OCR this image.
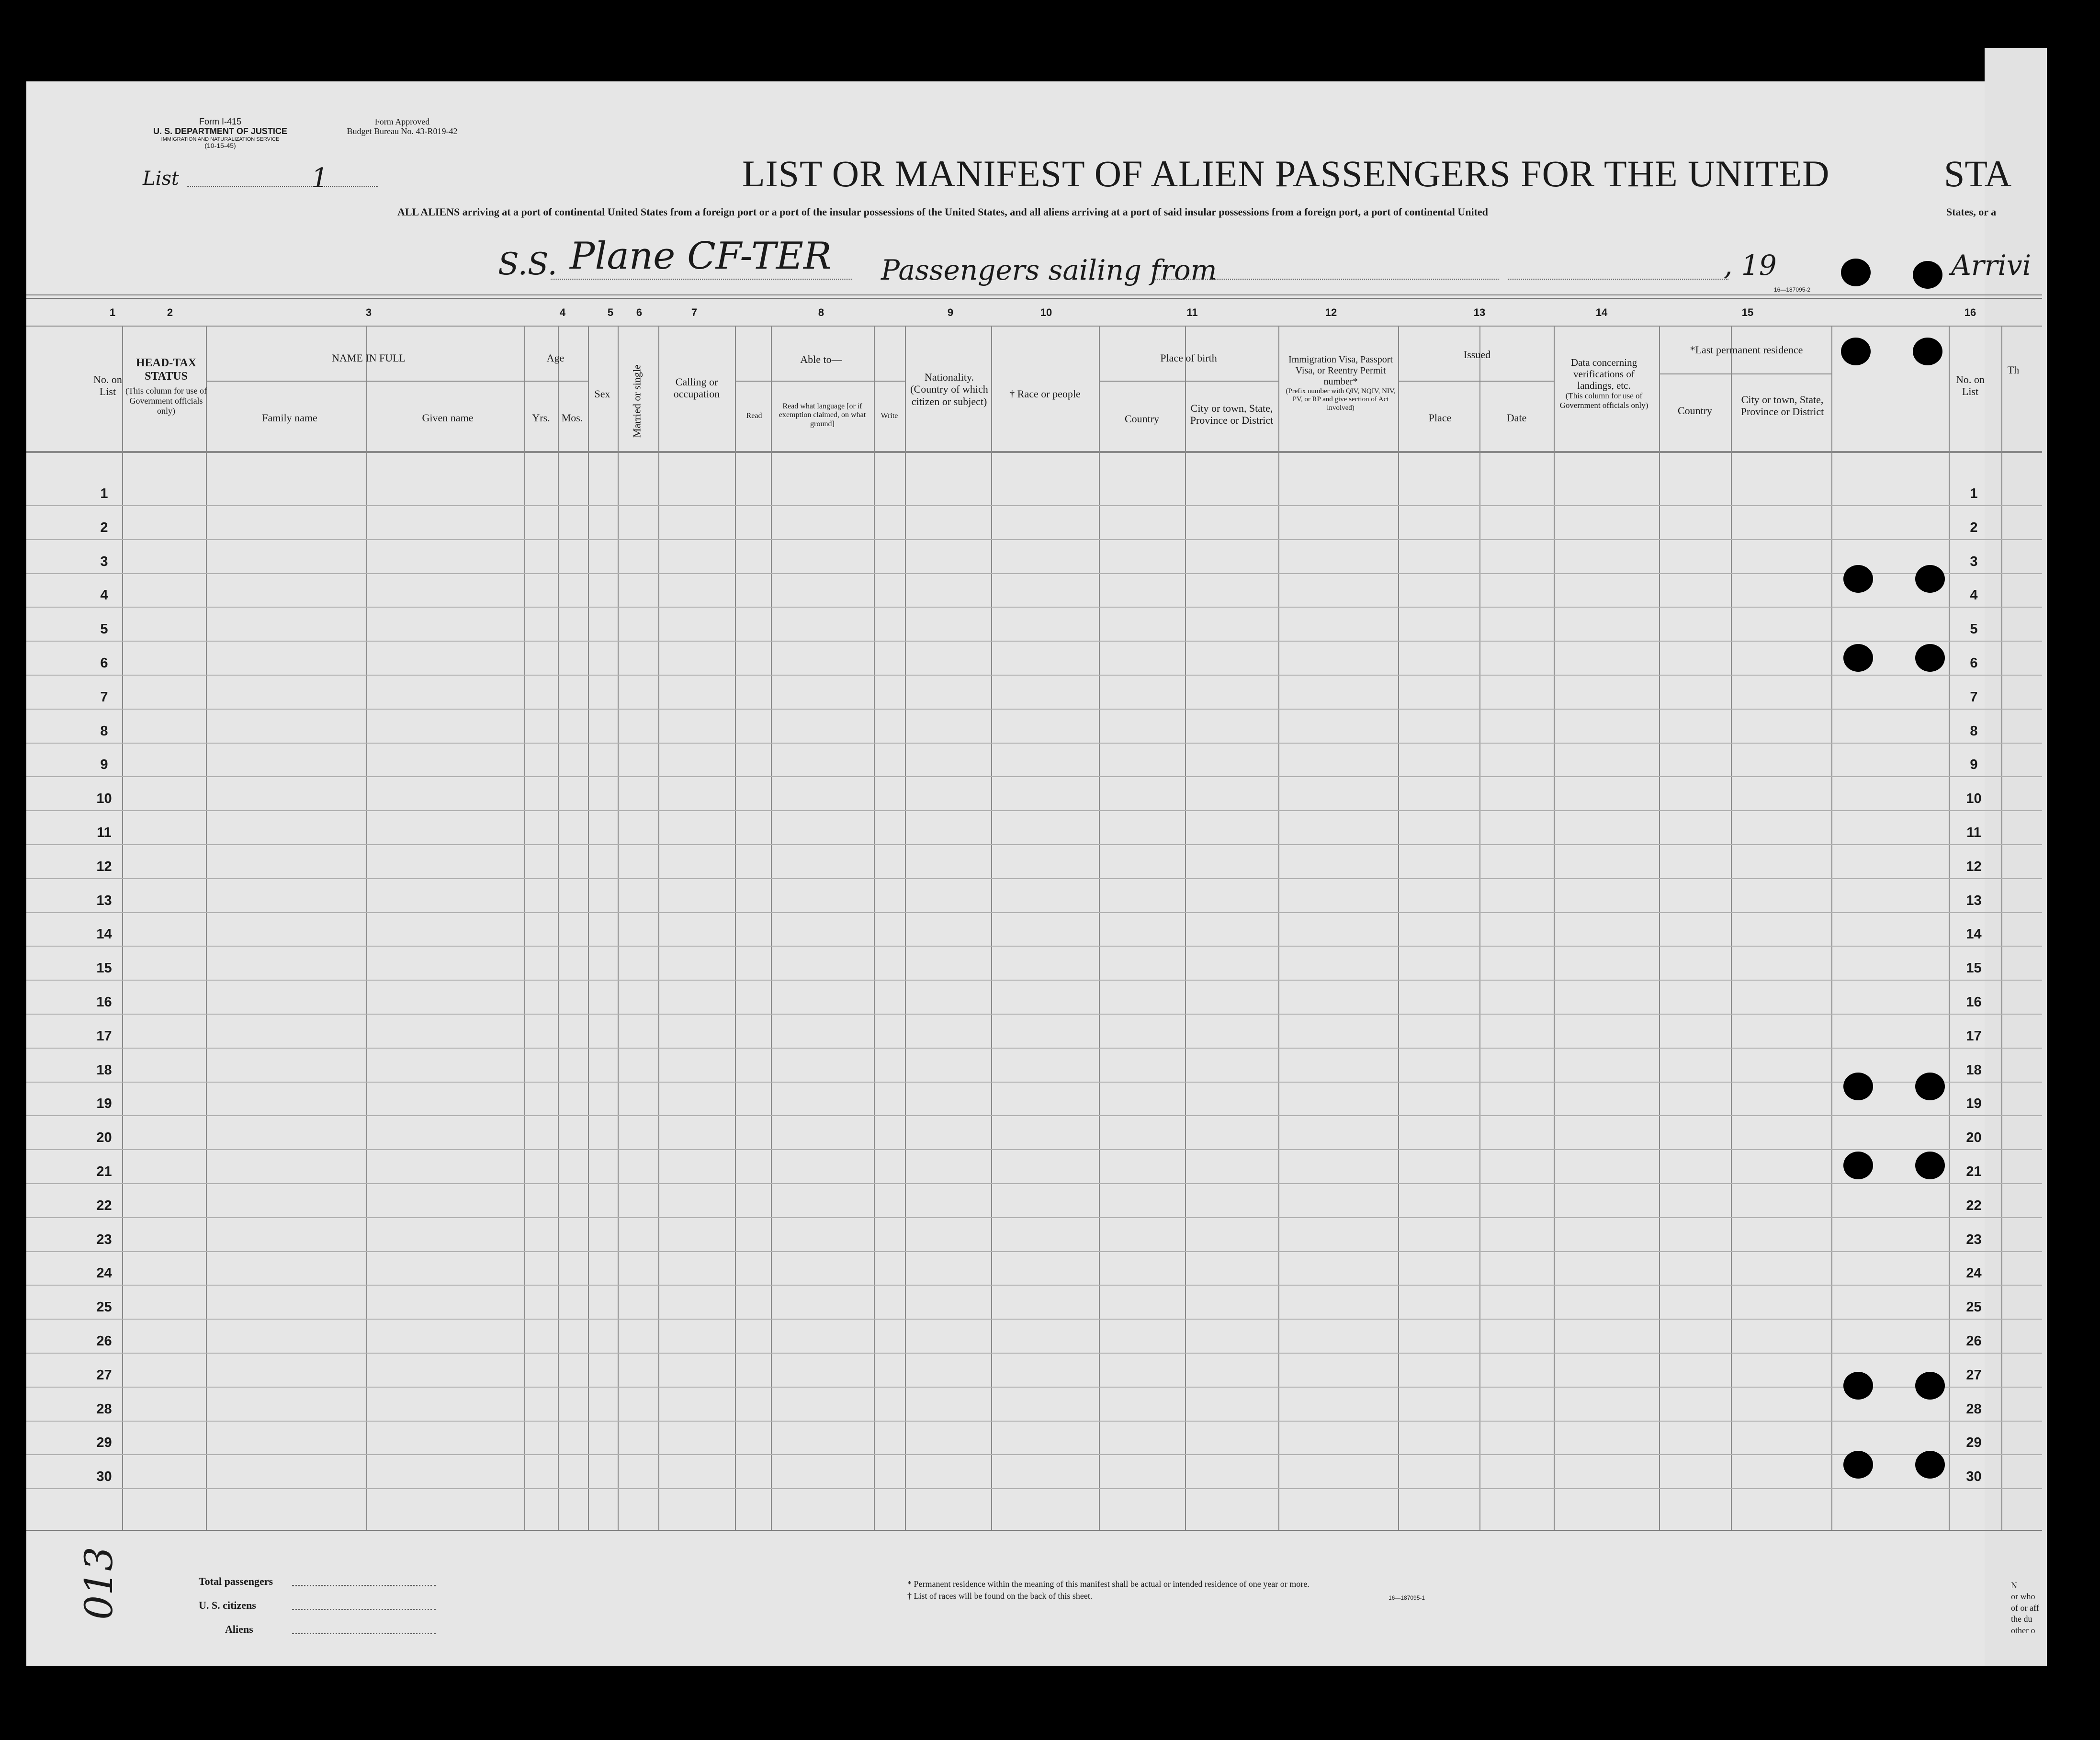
Form I-415
U. S. DEPARTMENT OF JUSTICE
IMMIGRATION AND NATURALIZATION SERVICE
(10-15-45)
Form Approved
Budget Bureau No. 43-R019-42
List	1	LIST OR MANIFEST OF ALIEN PASSENGERS FOR THE UNITED	STA
ALL ALIENS arriving at a port of continental United States from a foreign port or a port of the insular possessions of the United States, and all aliens arriving at a port of said insular possessions from a foreign port, a port of continental United	States, or a
S.S. Plane CF-TER Passengers sailing from	, 19	Arrivi
16—187095-2
1	2	3	4	5	6	7	8	9	10	11	12	13	14	15	16
No. on List
HEAD-TAX STATUS
(This column for use of Government officials only)
NAME IN FULL
Family name	Given name
Age
Yrs.	Mos.
Sex	Married or single	Calling or occupation
Able to—
Read
Read what language [or if exemption claimed, on what ground]
Write
Nationality. (Country of which citizen or subject)
† Race or people
Place of birth
Country
City or town, State, Province or District
Immigration Visa, Passport Visa, or Reentry Permit number*
(Prefix number with QIV, NQIV, NIV, PV, or RP and give section of Act involved)
Issued
Place	Date
Data concerning verifications of landings, etc.
(This column for use of Government officials only)
*Last permanent residence
Country
City or town, State, Province or District
No. on List
Th
1
2
3
4
5
6
7
8
9
10
11
12
13
14
15
16
17
18
19
20
21
22
23
24
25
26
27
28
29
30
1
2
3
4
5
6
7
8
9
10
11
12
13
14
15
16
17
18
19
20
21
22
23
24
25
26
27
28
29
30
Total passengers
U. S. citizens
Aliens
* Permanent residence within the meaning of this manifest shall be actual or intended residence of one year or more.
† List of races will be found on the back of this sheet.	16—187095-1
N
or who
of or aff
the du
other o
013
